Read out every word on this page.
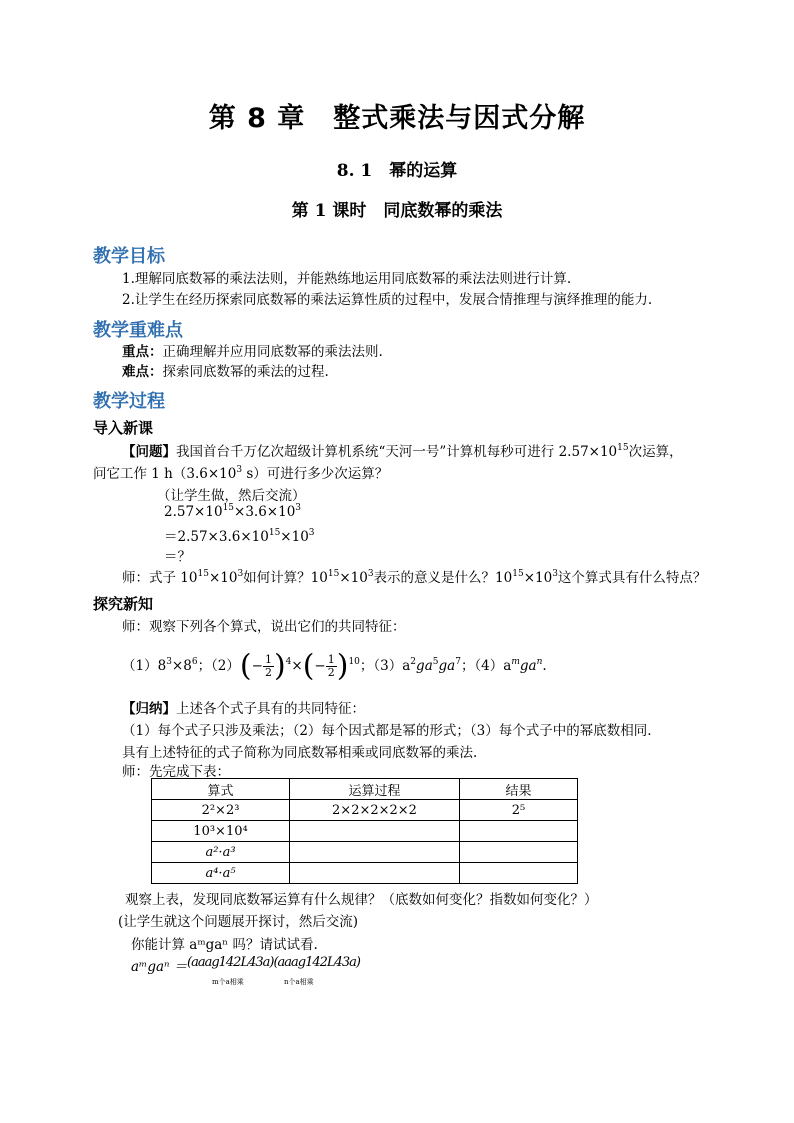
第 8 章　整式乘法与因式分解
8. 1　幂的运算
第 1 课时　同底数幂的乘法
教学目标
1.理解同底数幂的乘法法则，并能熟练地运用同底数幂的乘法法则进行计算.
2.让学生在经历探索同底数幂的乘法运算性质的过程中，发展合情推理与演绎推理的能力.
教学重难点
重点：正确理解并应用同底数幂的乘法法则.
难点：探索同底数幂的乘法的过程.
教学过程
导入新课
【问题】我国首台千万亿次超级计算机系统“天河一号”计算机每秒可进行 $2.57\times 10^{15}$次运算，
问它工作 1 $h(3.6\times 10^3$ s）可进行多少次运算？
（让学生做，然后交流）
$2.57\times 10^{15}\times 3.6\times 10^3$
$=2.57\times 3.6\times 10^{15}\times 10^3$
＝？
师：式子 $10^{15}\times 10^3$如何计算？$10^{15}\times 10^3$表示的意义是什么？$10^{15}\times 10^3$这个算式具有什么特点？
探究新知
师：观察下列各个算式，说出它们的共同特征：
$(1)8^3\times 8^6$；$(2)(- \frac{1}{2} )^4\times(- \frac{1}{2} )^{10}$；$(3)a^2ga^5ga^7$；$(4)a^mga^n$.
【归纳】上述各个式子具有的共同特征：
（1）每个式子只涉及乘法；（2）每个因式都是幂的形式；（3）每个式子中的幂底数相同.
具有上述特征的式子简称为同底数幂相乘或同底数幂的乘法.
师：先完成下表：
算式	运算过程	结果
2²×2³	2×2×2×2×2	2⁵
10³×10⁴		
a²·a³		
a⁴·a⁵		
观察上表，发现同底数幂运算有什么规律？（底数如何变化？指数如何变化？）
(让学生就这个问题展开探讨，然后交流)
你能计算 aᵐgaⁿ 吗？请试试看.
aᵐgaⁿ ＝ (aaag142L43a)(aaag142L43a)
m个a相乘	n个a相乘
